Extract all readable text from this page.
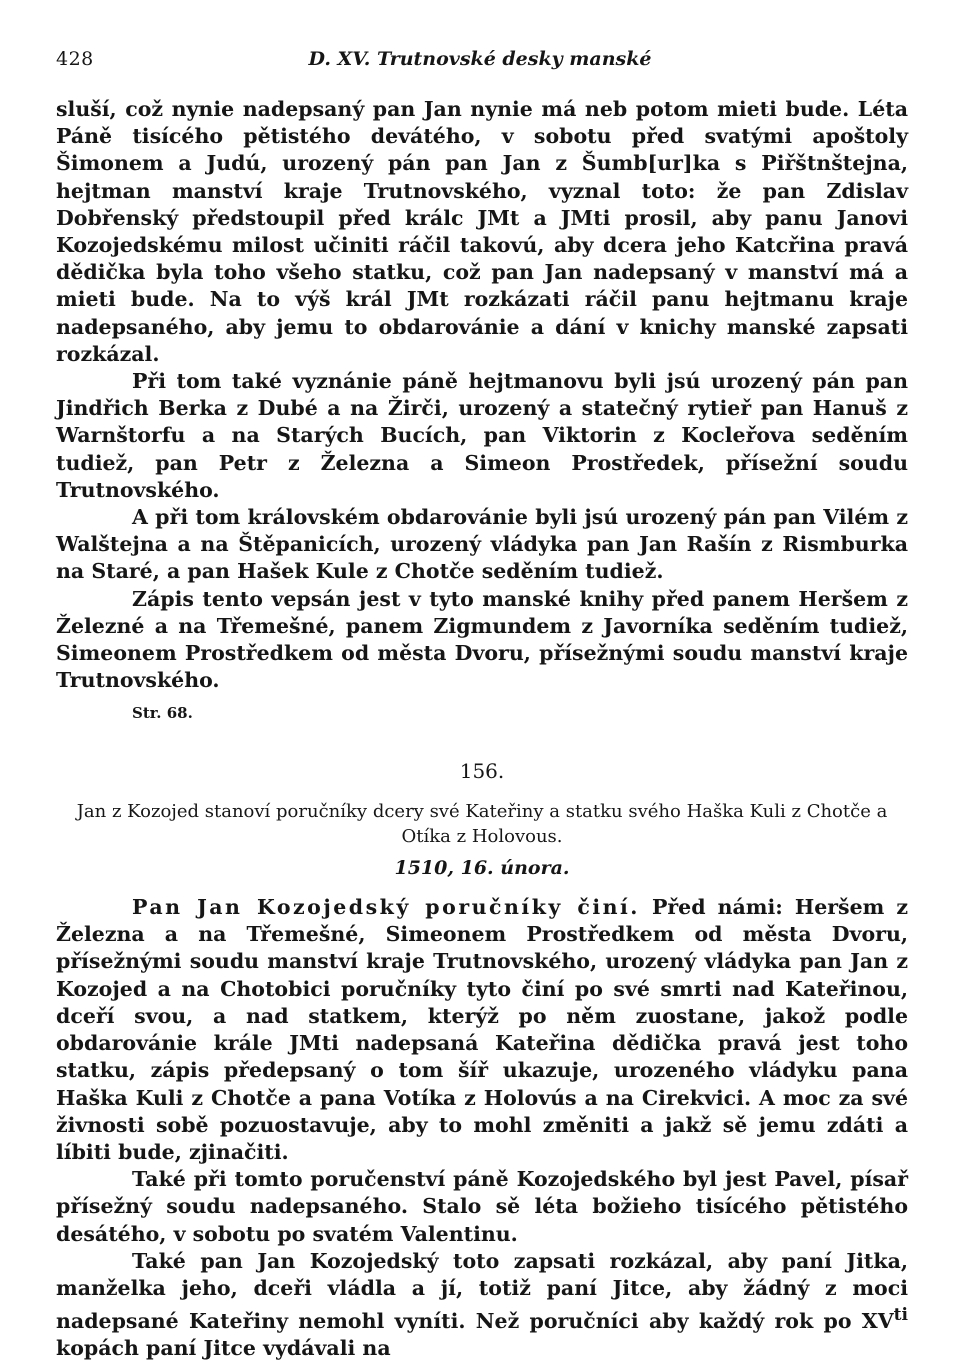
428	D. XV. Trutnovské desky manské

sluší, což nynie nadepsaný pan Jan nynie má neb potom mieti bude. Léta Páně tisícého pětistého devátého, v sobotu před svatými apoštoly Šimonem a Judú, urozený pán pan Jan z Šumb[ur]ka s Piřštnštejna, hejtman manství kraje Trutnovského, vyznal toto: že pan Zdislav Dobřenský předstoupil před králc JMt a JMti prosil, aby panu Janovi Kozojedskému milost učiniti ráčil takovú, aby dcera jeho Katcřina pravá dědička byla toho všeho statku, což pan Jan nadepsaný v manství má a mieti bude. Na to výš král JMt rozkázati ráčil panu hejtmanu kraje nadepsaného, aby jemu to obdarovánie a dání v knichy manské zapsati rozkázal.

Při tom také vyznánie páně hejtmanovu byli jsú urozený pán pan Jindřich Berka z Dubé a na Žirči, urozený a statečný rytieř pan Hanuš z Warnštorfu a na Starých Bucích, pan Viktorin z Kocleřova seděním tudiež, pan Petr z Železna a Simeon Prostředek, přísežní soudu Trutnovského.

A při tom královském obdarovánie byli jsú urozený pán pan Vilém z Walštejna a na Štěpanicích, urozený vládyka pan Jan Rašín z Rismburka na Staré, a pan Hašek Kule z Chotče seděním tudiež.

Zápis tento vepsán jest v tyto manské knihy před panem Heršem z Železné a na Třemešné, panem Zigmundem z Javorníka seděním tudiež, Simeonem Prostředkem od města Dvoru, přísežnými soudu manství kraje Trutnovského.

Str. 68.

156.

Jan z Kozojed stanoví poručníky dcery své Kateřiny a statku svého Haška Kuli z Chotče a Otíka z Holovous.

1510, 16. února.

Pan Jan Kozojedský poručníky činí. Před námi: Heršem z Železna a na Třemešné, Simeonem Prostředkem od města Dvoru, přísežnými soudu manství kraje Trutnovského, urozený vládyka pan Jan z Kozojed a na Chotobici poručníky tyto činí po své smrti nad Kateřinou, dceří svou, a nad statkem, kterýž po něm zuostane, jakož podle obdarovánie krále JMti nadepsaná Kateřina dědička pravá jest toho statku, zápis předepsaný o tom šíř ukazuje, urozeného vládyku pana Haška Kuli z Chotče a pana Votíka z Holovús a na Cirekvici. A moc za své živnosti sobě pozuostavuje, aby to mohl změniti a jakž sě jemu zdáti a líbiti bude, zjinačiti.

Také při tomto poručenství páně Kozojedského byl jest Pavel, písař přísežný soudu nadepsaného. Stalo sě léta božieho tisícého pětistého desátého, v sobotu po svatém Valentinu.

Také pan Jan Kozojedský toto zapsati rozkázal, aby paní Jitka, manželka jeho, dceři vládla a jí, totiž paní Jitce, aby žádný z moci nadepsané Kateřiny nemohl vyníti. Než poručníci aby každý rok po $XV^{ti}$ kopách paní Jitce vydávali na
